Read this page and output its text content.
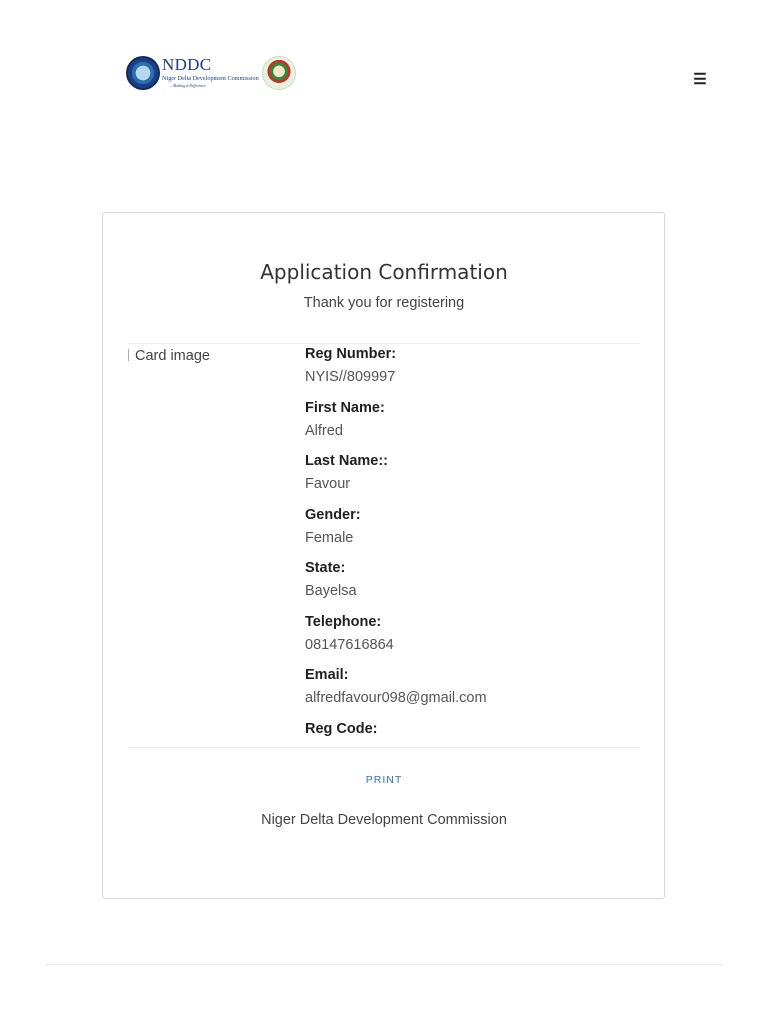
NDDC
Niger Delta Development Commission
...Making a Difference	☰
Application Confirmation
Thank you for registering
Card image	Reg Number:
NYIS//809997
First Name:
Alfred
Last Name::
Favour
Gender:
Female
State:
Bayelsa
Telephone:
08147616864
Email:
alfredfavour098@gmail.com
Reg Code:
PRINT
Niger Delta Development Commission
